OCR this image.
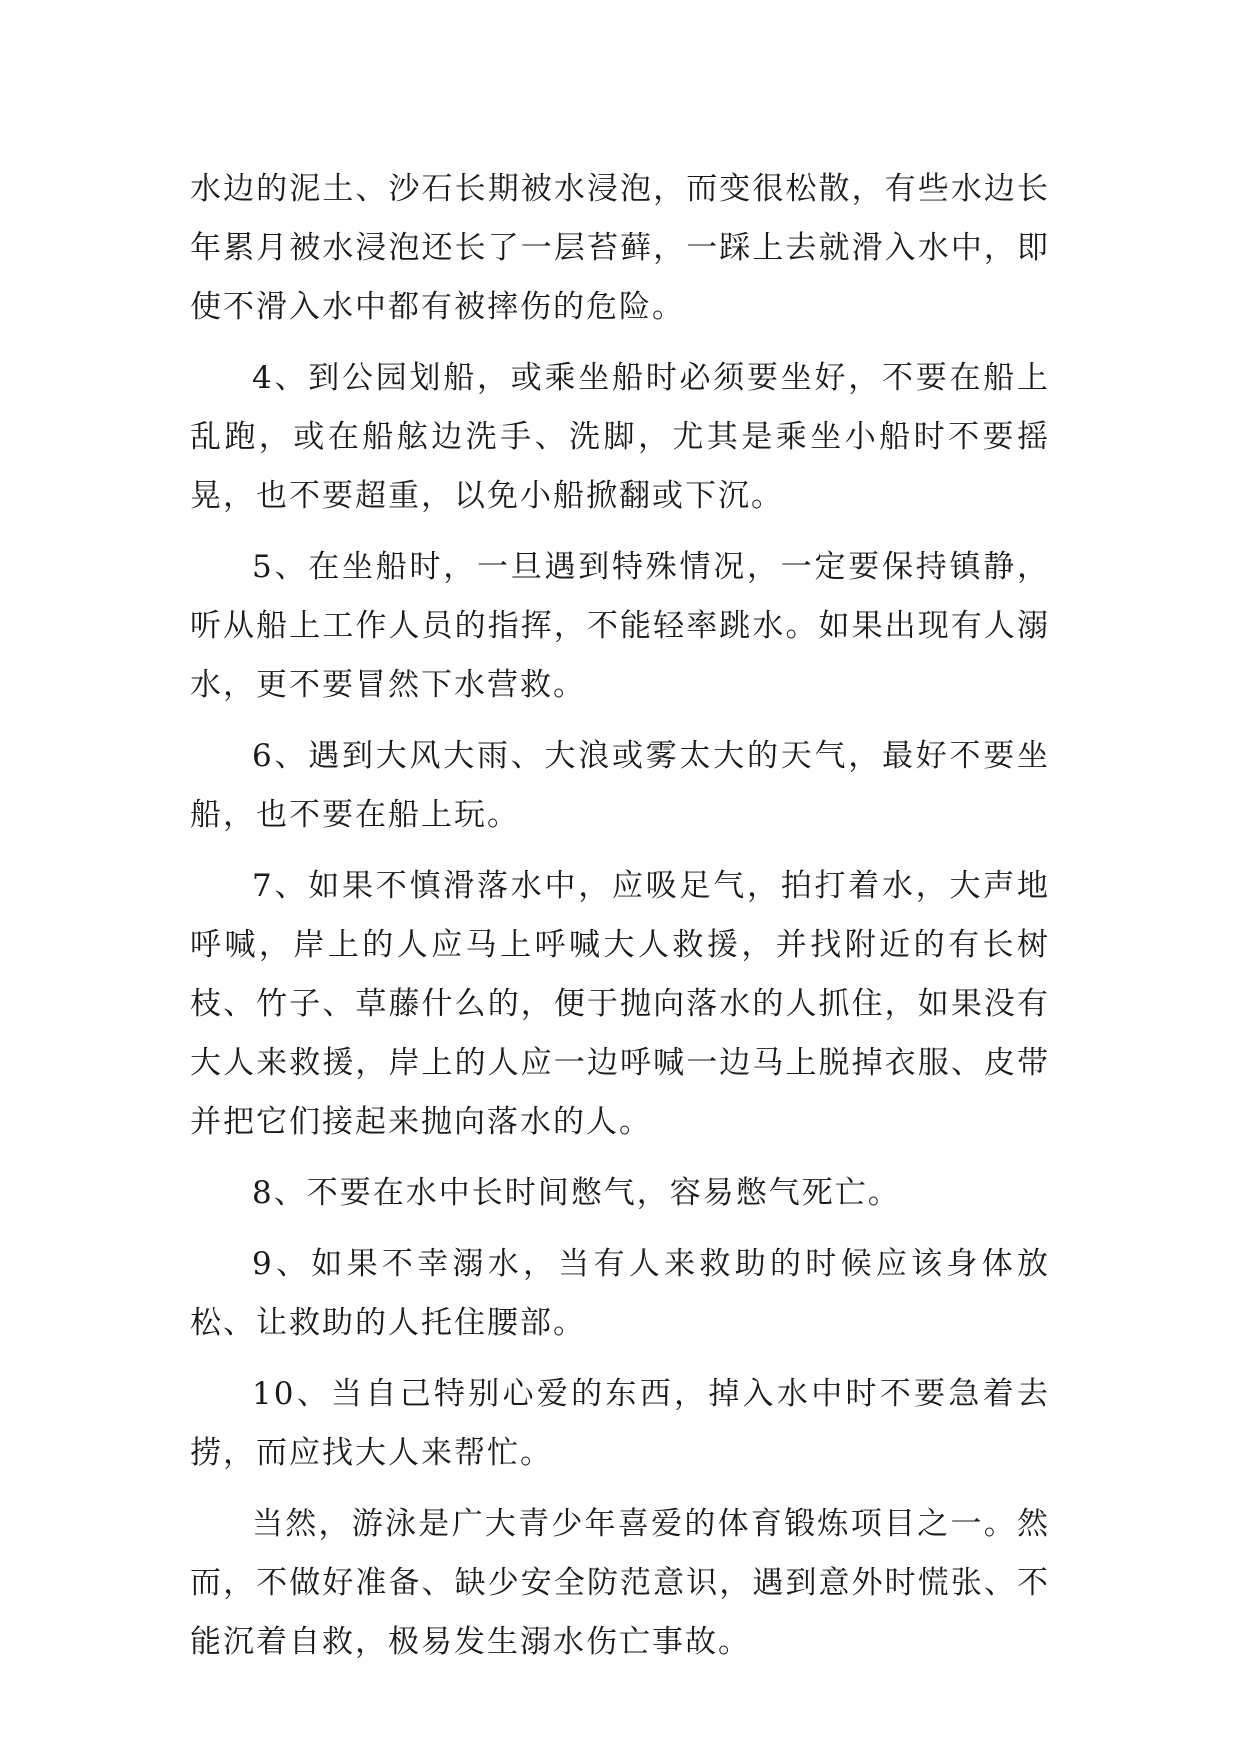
水边的泥土、沙石长期被水浸泡，而变很松散，有些水边长年累月被水浸泡还长了一层苔藓，一踩上去就滑入水中，即使不滑入水中都有被摔伤的危险。

4、到公园划船，或乘坐船时必须要坐好，不要在船上乱跑，或在船舷边洗手、洗脚，尤其是乘坐小船时不要摇晃，也不要超重，以免小船掀翻或下沉。

5、在坐船时，一旦遇到特殊情况，一定要保持镇静，听从船上工作人员的指挥，不能轻率跳水。如果出现有人溺水，更不要冒然下水营救。

6、遇到大风大雨、大浪或雾太大的天气，最好不要坐船，也不要在船上玩。

7、如果不慎滑落水中，应吸足气，拍打着水，大声地呼喊，岸上的人应马上呼喊大人救援，并找附近的有长树枝、竹子、草藤什么的，便于抛向落水的人抓住，如果没有大人来救援，岸上的人应一边呼喊一边马上脱掉衣服、皮带并把它们接起来抛向落水的人。

8、不要在水中长时间憋气，容易憋气死亡。

9、如果不幸溺水，当有人来救助的时候应该身体放松、让救助的人托住腰部。

10、当自己特别心爱的东西，掉入水中时不要急着去捞，而应找大人来帮忙。

当然，游泳是广大青少年喜爱的体育锻炼项目之一。然而，不做好准备、缺少安全防范意识，遇到意外时慌张、不能沉着自救，极易发生溺水伤亡事故。
